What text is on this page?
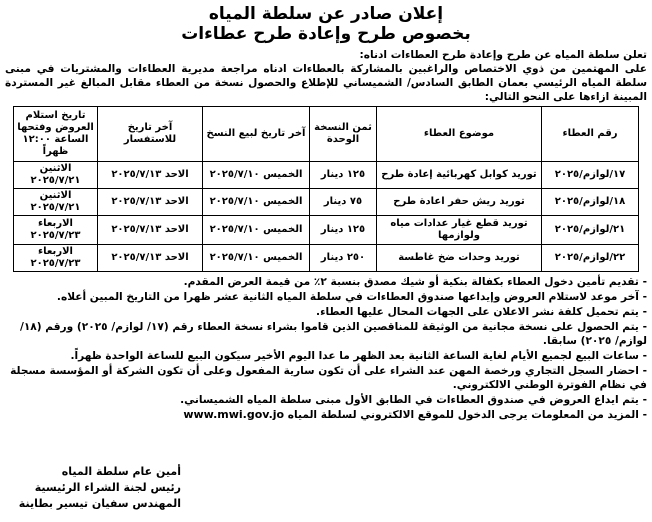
إعلان صادر عن سلطة المياه
بخصوص طرح وإعادة طرح عطاءات

تعلن سلطة المياه عن طرح وإعادة طرح العطاءات ادناه:

على المهتمين من ذوي الاختصاص والراغبين بالمشاركة بالعطاءات ادناه مراجعة مديرية العطاءات والمشتريات في مبنى سلطة المياه الرئيسي بعمان الطابق السادس/ الشميساني للإطلاع والحصول نسخة من العطاء مقابل المبالغ غير المستردة المبينة ازاءها على النحو التالي:

رقم العطاء	موضوع العطاء	ثمن النسخة الوحدة	آخر تاريخ لبيع النسخ	آخر تاريخ للاستفسار	تاريخ استلام العروض وفتحها الساعة ١٢:٠٠ ظهراً
١٧/لوازم/٢٠٢٥	توريد كوابل كهربائية إعادة طرح	١٢٥ دينار	الخميس ٢٠٢٥/٧/١٠	الاحد ٢٠٢٥/٧/١٣	الاثنين ٢٠٢٥/٧/٢١
١٨/لوازم/٢٠٢٥	توريد ريش حفر اعادة طرح	٧٥ دينار	الخميس ٢٠٢٥/٧/١٠	الاحد ٢٠٢٥/٧/١٣	الاثنين ٢٠٢٥/٧/٢١
٢١/لوازم/٢٠٢٥	توريد قطع غيار عدادات مياه ولوازمها	١٢٥ دينار	الخميس ٢٠٢٥/٧/١٠	الاحد ٢٠٢٥/٧/١٣	الاربعاء ٢٠٢٥/٧/٢٣
٢٢/لوازم/٢٠٢٥	توريد وحدات ضخ غاطسة	٢٥٠ دينار	الخميس ٢٠٢٥/٧/١٠	الاحد ٢٠٢٥/٧/١٣	الاربعاء ٢٠٢٥/٧/٢٣

- تقديم تأمين دخول العطاء بكفالة بنكية أو شيك مصدق بنسبة ٢٪ من قيمة العرض المقدم.

- آخر موعد لاستلام العروض وإيداعها صندوق العطاءات في سلطة المياه الثانية عشر ظهرا من التاريخ المبين أعلاه.

- يتم تحميل كلفة نشر الاعلان على الجهات المحال عليها العطاء.

- يتم الحصول على نسخة مجانية من الوثيقة للمناقصين الذين قاموا بشراء نسخة العطاء رقم (١٧/ لوازم/ ٢٠٢٥) ورقم (١٨/ لوازم/ ٢٠٢٥) سابقا.

- ساعات البيع لجميع الأيام لغاية الساعة الثانية بعد الظهر ما عدا اليوم الأخير سيكون البيع للساعة الواحدة ظهراً.

- احضار السجل التجاري ورخصة المهن عند الشراء على أن تكون سارية المفعول وعلى أن تكون الشركة أو المؤسسة مسجلة في نظام الفوترة الوطني الالكتروني.

- يتم ايداع العروض في صندوق العطاءات في الطابق الأول مبنى سلطة المياه الشميساني.

- المزيد من المعلومات يرجى الدخول للموقع الالكتروني لسلطة المياه www.mwi.gov.jo

أمين عام سلطة المياه
رئيس لجنة الشراء الرئيسية
المهندس سفيان تيسير بطاينة
